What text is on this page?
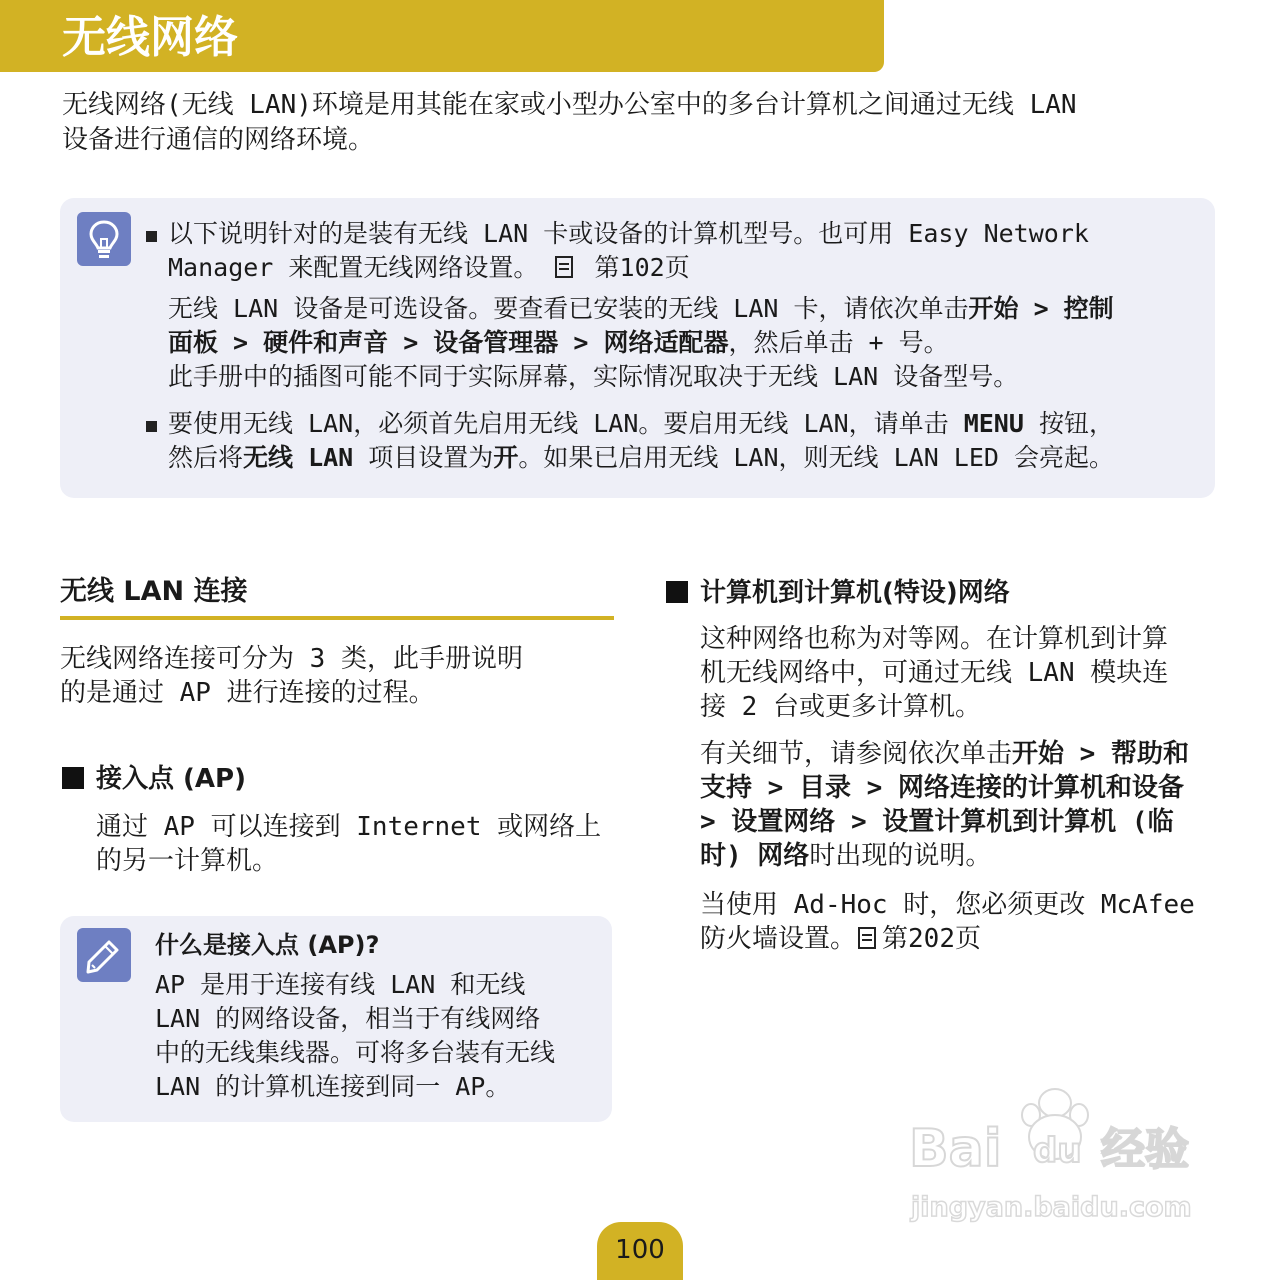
无线网络
无线网络(无线 LAN)环境是用其能在家或小型办公室中的多台计算机之间通过无线 LAN
设备进行通信的网络环境。
以下说明针对的是装有无线 LAN 卡或设备的计算机型号。也可用 Easy Network
Manager 来配置无线网络设置。 第102页
无线 LAN 设备是可选设备。要查看已安装的无线 LAN 卡，请依次单击开始 > 控制
面板 > 硬件和声音 > 设备管理器 > 网络适配器，然后单击 + 号。
此手册中的插图可能不同于实际屏幕，实际情况取决于无线 LAN 设备型号。
要使用无线 LAN，必须首先启用无线 LAN。要启用无线 LAN，请单击 MENU 按钮，
然后将无线 LAN 项目设置为开。如果已启用无线 LAN，则无线 LAN LED 会亮起。
无线 LAN 连接
无线网络连接可分为 3 类，此手册说明
的是通过 AP 进行连接的过程。
接入点 (AP)
通过 AP 可以连接到 Internet 或网络上
的另一计算机。
什么是接入点 (AP)?
AP 是用于连接有线 LAN 和无线
LAN 的网络设备，相当于有线网络
中的无线集线器。可将多台装有无线
LAN 的计算机连接到同一 AP。
计算机到计算机(特设)网络
这种网络也称为对等网。在计算机到计算
机无线网络中，可通过无线 LAN 模块连
接 2 台或更多计算机。
有关细节，请参阅依次单击开始 > 帮助和
支持 > 目录 > 网络连接的计算机和设备
> 设置网络 > 设置计算机到计算机 (临
时) 网络时出现的说明。
当使用 Ad-Hoc 时，您必须更改 McAfee
防火墙设置。 第202页
Bai du 经验
jingyan.baidu.com
100
